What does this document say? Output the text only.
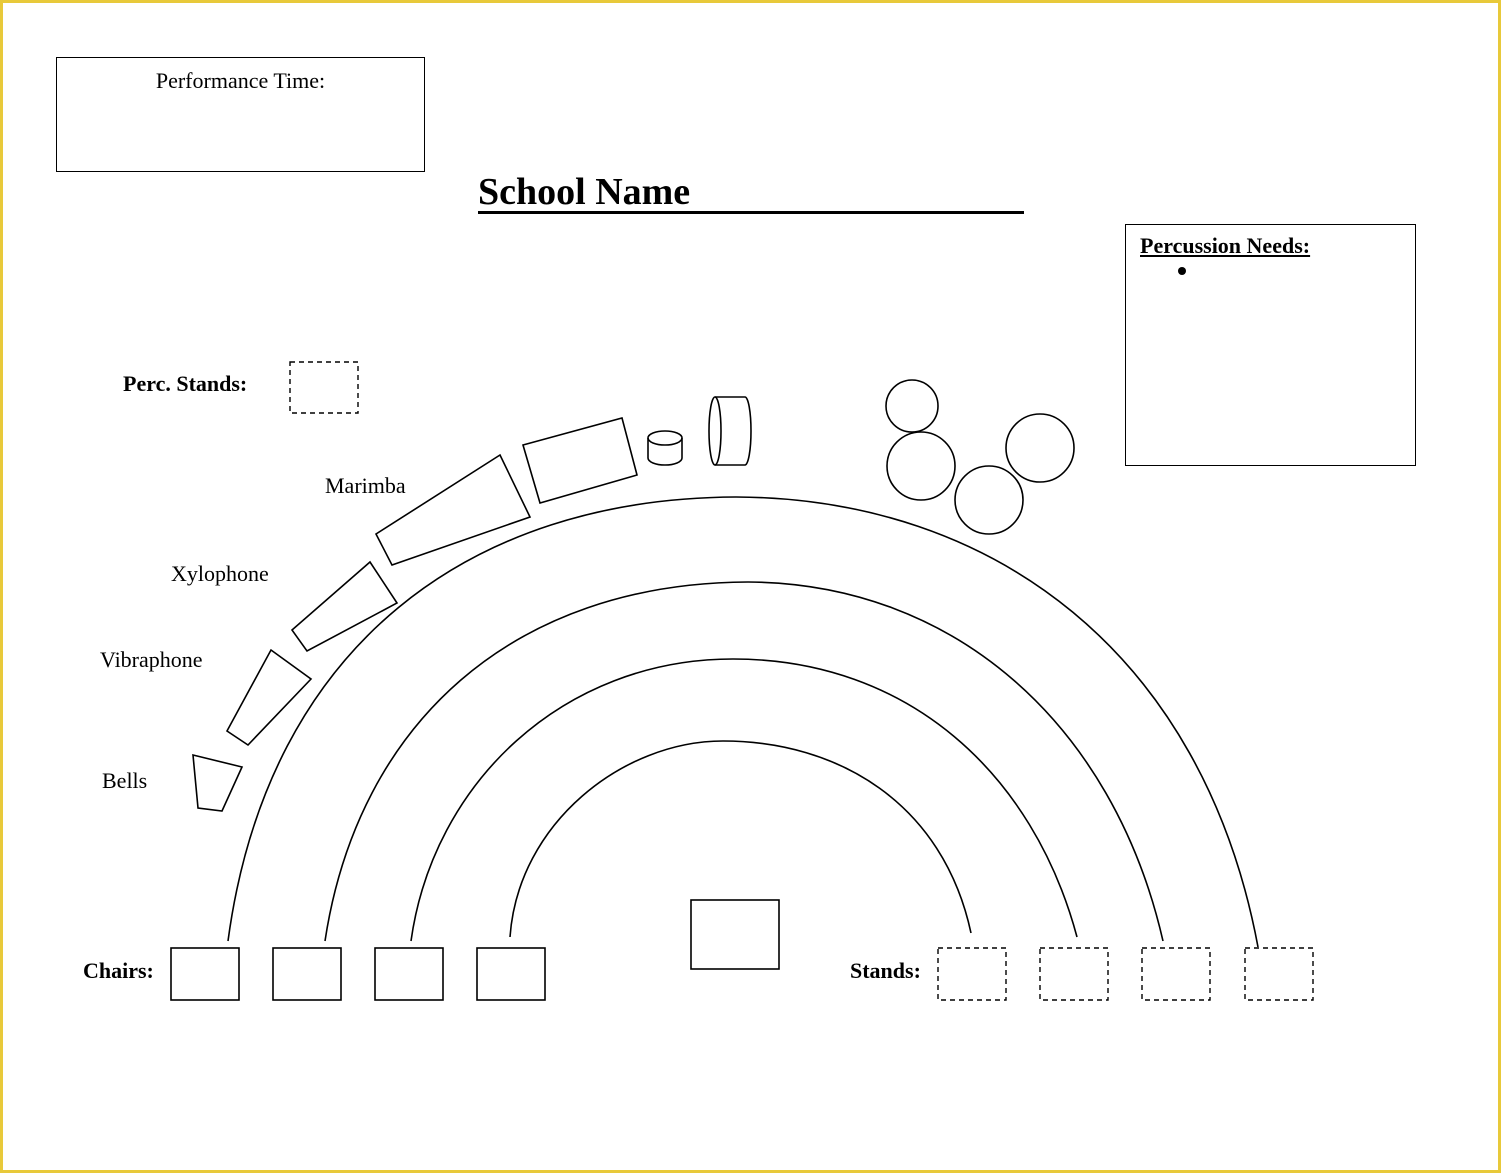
Performance Time:
School Name
Percussion Needs:
Perc. Stands:
Marimba
Xylophone
Vibraphone
Bells
Chairs:	Stands:
